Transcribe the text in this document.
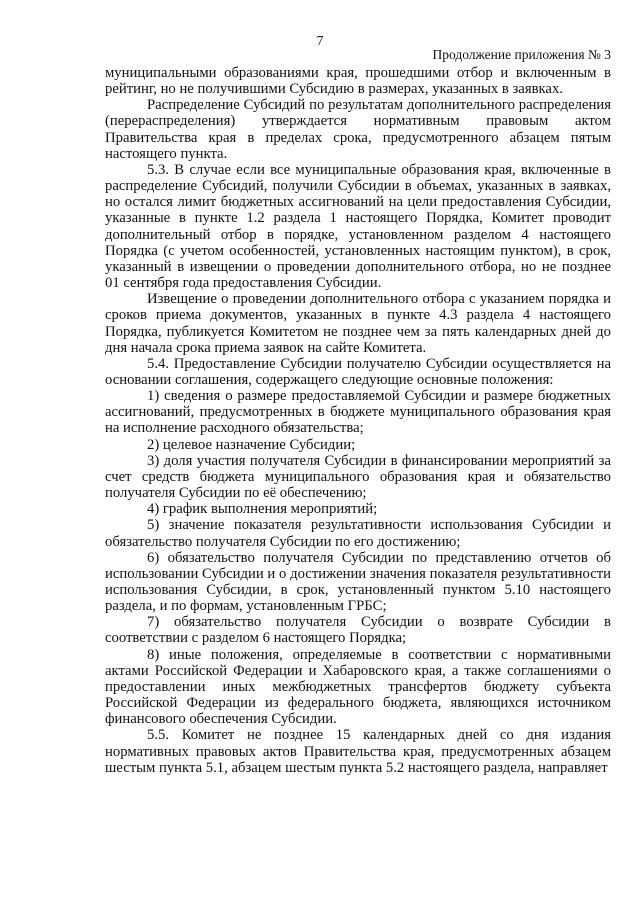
7
Продолжение приложения № 3

муниципальными образованиями края, прошедшими отбор и включенным в рейтинг, но не получившими Субсидию в размерах, указанных в заявках.

Распределение Субсидий по результатам дополнительного распределения (перераспределения) утверждается нормативным правовым актом Правительства края в пределах срока, предусмотренного абзацем пятым настоящего пункта.

5.3. В случае если все муниципальные образования края, включенные в распределение Субсидий, получили Субсидии в объемах, указанных в заявках, но остался лимит бюджетных ассигнований на цели предоставления Субсидии, указанные в пункте 1.2 раздела 1 настоящего Порядка, Комитет проводит дополнительный отбор в порядке, установленном разделом 4 настоящего Порядка (с учетом особенностей, установленных настоящим пунктом), в срок, указанный в извещении о проведении дополнительного отбора, но не позднее 01 сентября года предоставления Субсидии.

Извещение о проведении дополнительного отбора с указанием порядка и сроков приема документов, указанных в пункте 4.3 раздела 4 настоящего Порядка, публикуется Комитетом не позднее чем за пять календарных дней до дня начала срока приема заявок на сайте Комитета.

5.4. Предоставление Субсидии получателю Субсидии осуществляется на основании соглашения, содержащего следующие основные положения:

1) сведения о размере предоставляемой Субсидии и размере бюджетных ассигнований, предусмотренных в бюджете муниципального образования края на исполнение расходного обязательства;

2) целевое назначение Субсидии;

3) доля участия получателя Субсидии в финансировании мероприятий за счет средств бюджета муниципального образования края и обязательство получателя Субсидии по её обеспечению;

4) график выполнения мероприятий;

5) значение показателя результативности использования Субсидии и обязательство получателя Субсидии по его достижению;

6) обязательство получателя Субсидии по представлению отчетов об использовании Субсидии и о достижении значения показателя результативности использования Субсидии, в срок, установленный пунктом 5.10 настоящего раздела, и по формам, установленным ГРБС;

7) обязательство получателя Субсидии о возврате Субсидии в соответствии с разделом 6 настоящего Порядка;

8) иные положения, определяемые в соответствии с нормативными актами Российской Федерации и Хабаровского края, а также соглашениями о предоставлении иных межбюджетных трансфертов бюджету субъекта Российской Федерации из федерального бюджета, являющихся источником финансового обеспечения Субсидии.

5.5. Комитет не позднее 15 календарных дней со дня издания нормативных правовых актов Правительства края, предусмотренных абзацем шестым пункта 5.1, абзацем шестым пункта 5.2 настоящего раздела, направляет
